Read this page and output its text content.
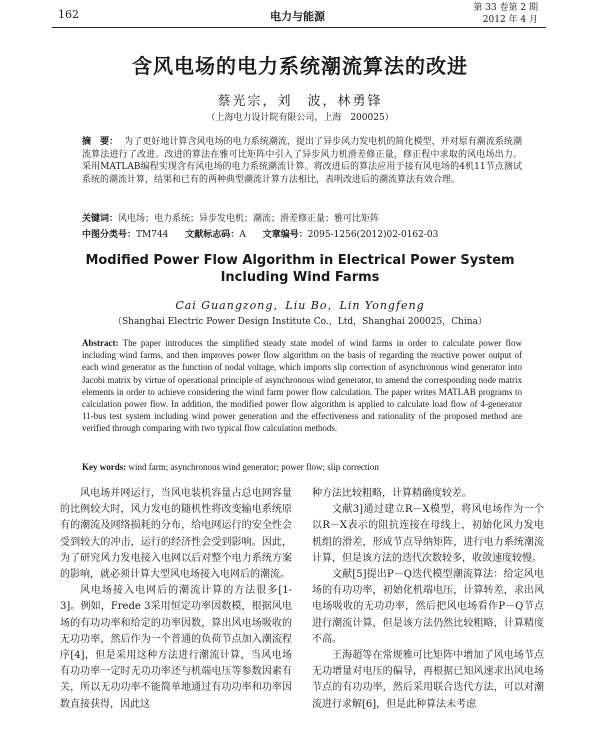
162	电力与能源
第 33 卷第 2 期
2012 年 4 月
含风电场的电力系统潮流算法的改进
蔡光宗，刘　波，林勇锋
（上海电力设计院有限公司，上海　200025）
摘　要： 为了更好地计算含风电场的电力系统潮流，提出了异步风力发电机的简化模型，并对原有潮流系统潮流算法进行了改进。改进的算法在雅可比矩阵中引入了异步风力机滑差修正量，修正程中求取的风电场出力。采用MATLAB编程实现含有风电场的电力系统潮流计算。将改进后的算法应用于接有风电场的4机11节点测试系统的潮流计算，结果和已有的两种典型潮流计算方法相比，表明改进后的潮流算法有效合理。
关键词：风电场；电力系统；异步发电机；潮流；滑差修正量；雅可比矩阵
中图分类号：TM744 文献标志码：A 文章编号：2095-1256(2012)02-0162-03
Modified Power Flow Algorithm in Electrical Power System
Including Wind Farms
Cai Guangzong，Liu Bo，Lin Yongfeng
（Shanghai Electric Power Design Institute Co.，Ltd，Shanghai 200025，China）
Abstract: The paper introduces the simplified steady state model of wind farms in order to calculate power flow including wind farms, and then improves power flow algorithm on the basis of regarding the reactive power output of each wind generator as the function of nodal voltage, which imports slip correction of asynchronous wind generator into Jacobi matrix by virtue of operational principle of asynchronous wind generator, to amend the corresponding node matrix elements in order to achieve considering the wind farm power flow calculation. The paper writes MATLAB programs to calculation power flow. In addition, the modified power flow algorithm is applied to calculate load flow of 4-generator 11-bus test system including wind power generation and the effectiveness and rationality of the proposed method are verified through comparing with two typical flow calculation methods.
Key words: wind farm; asynchronous wind generator; power flow; slip correction

风电场并网运行，当风电装机容量占总电网容量的比例较大时，风力发电的随机性将改变输电系统原有的潮流及网络损耗的分布，给电网运行的安全性会受到较大的冲击，运行的经济性会受到影响。因此，为了研究风力发电接入电网以后对整个电力系统方案的影响，就必须计算大型风电场接入电网后的潮流。

风电场接入电网后的潮流计算的方法很多[1-3]。例如，Frede 3采用恒定功率因数模，根据风电场的有功功率和给定的功率因数，算出风电场吸收的无功功率，然后作为一个普通的负荷节点加入潮流程序[4]，但是采用这种方法进行潮流计算，当风电场有功功率一定时无功功率还与机端电压等参数因素有关，所以无功功率不能简单地通过有功功率和功率因数直接获得，因此这

种方法比较粗略，计算精确度较差。

文献3]通过建立R－X模型，将风电场作为一个以R－X表示的阻抗连接在母线上，初始化风力发电机组的滑差，形成节点导纳矩阵，进行电力系统潮流计算，但是该方法的迭代次数较多，收敛速度较慢。

文献[5]提出P－Q迭代模型潮流算法：给定风电场的有功功率，初始化机端电压，计算转差，求出风电场吸收的无功功率，然后把风电场看作P－Q节点进行潮流计算，但是该方法仍然比较粗略，计算精度不高。

王海超等在常规雅可比矩阵中增加了风电场节点无功增量对电压的偏导，再根据已知风速求出风电场节点的有功功率，然后采用联合迭代方法，可以对潮流进行求解[6]，但是此种算法未考虑
